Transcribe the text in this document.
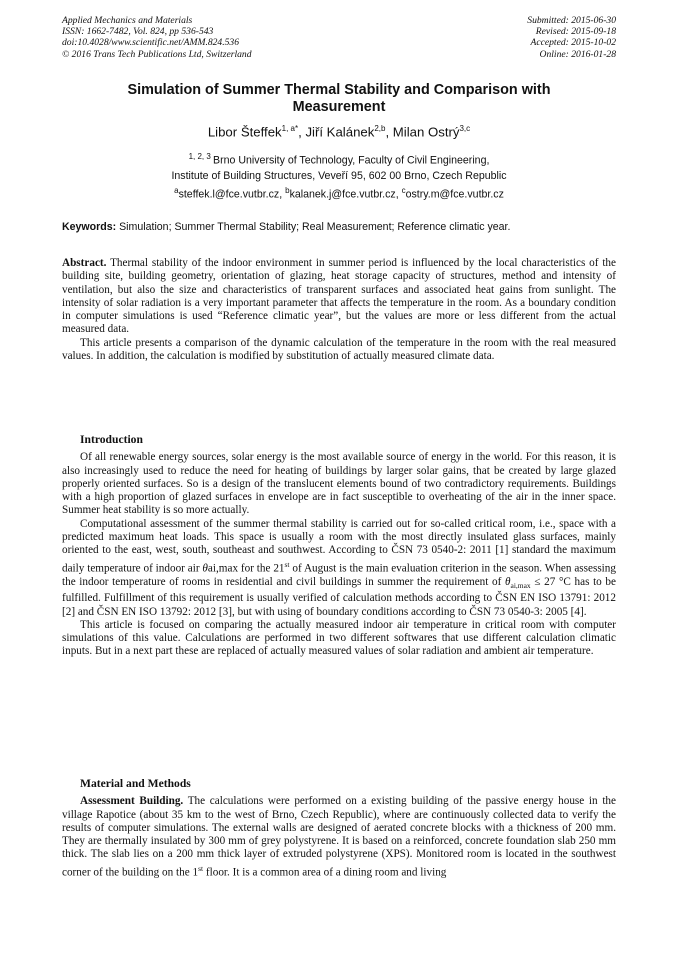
Applied Mechanics and Materials
ISSN: 1662-7482, Vol. 824, pp 536-543
doi:10.4028/www.scientific.net/AMM.824.536
© 2016 Trans Tech Publications Ltd, Switzerland
Submitted: 2015-06-30
Revised: 2015-09-18
Accepted: 2015-10-02
Online: 2016-01-28
Simulation of Summer Thermal Stability and Comparison with
Measurement
Libor Šteffek$^{1, a*}$, Jiří Kalánek$^{2,b}$, Milan Ostrý$^{3,c}$
$^{1, 2, 3}$ Brno University of Technology, Faculty of Civil Engineering,
Institute of Building Structures, Veveří 95, 602 00 Brno, Czech Republic
$^a$steffek.l@fce.vutbr.cz, $^b$kalanek.j@fce.vutbr.cz, $^c$ostry.m@fce.vutbr.cz
Keywords: Simulation; Summer Thermal Stability; Real Measurement; Reference climatic year.

Abstract. Thermal stability of the indoor environment in summer period is influenced by the local characteristics of the building site, building geometry, orientation of glazing, heat storage capacity of structures, method and intensity of ventilation, but also the size and characteristics of transparent surfaces and associated heat gains from sunlight. The intensity of solar radiation is a very important parameter that affects the temperature in the room. As a boundary condition in computer simulations is used “Reference climatic year”, but the values are more or less different from the actual measured data.

This article presents a comparison of the dynamic calculation of the temperature in the room with the real measured values. In addition, the calculation is modified by substitution of actually measured climate data.

Introduction

Of all renewable energy sources, solar energy is the most available source of energy in the world. For this reason, it is also increasingly used to reduce the need for heating of buildings by larger solar gains, that be created by large glazed properly oriented surfaces. So is a design of the translucent elements bound of two contradictory requirements. Buildings with a high proportion of glazed surfaces in envelope are in fact susceptible to overheating of the air in the inner space. Summer heat stability is so more actually.

Computational assessment of the summer thermal stability is carried out for so-called critical room, i.e., space with a predicted maximum heat loads. This space is usually a room with the most directly insulated glass surfaces, mainly oriented to the east, west, south, southeast and southwest. According to ČSN 73 0540-2: 2011 [1] standard the maximum daily temperature of indoor air θai,max for the 21st of August is the main evaluation criterion in the season. When assessing the indoor temperature of rooms in residential and civil buildings in summer the requirement of $\theta_{ai,max} \le 27$ °C has to be fulfilled. Fulfillment of this requirement is usually verified of calculation methods according to ČSN EN ISO 13791: 2012 [2] and ČSN EN ISO 13792: 2012 [3], but with using of boundary conditions according to ČSN 73 0540-3: 2005 [4].

This article is focused on comparing the actually measured indoor air temperature in critical room with computer simulations of this value. Calculations are performed in two different softwares that use different calculation climatic inputs. But in a next part these are replaced of actually measured values of solar radiation and ambient air temperature.

Material and Methods

Assessment Building. The calculations were performed on a existing building of the passive energy house in the village Rapotice (about 35 km to the west of Brno, Czech Republic), where are continuously collected data to verify the results of computer simulations. The external walls are designed of aerated concrete blocks with a thickness of 200 mm. They are thermally insulated by 300 mm of grey polystyrene. It is based on a reinforced, concrete foundation slab 250 mm thick. The slab lies on a 200 mm thick layer of extruded polystyrene (XPS). Monitored room is located in the southwest corner of the building on the 1st floor. It is a common area of a dining room and living
